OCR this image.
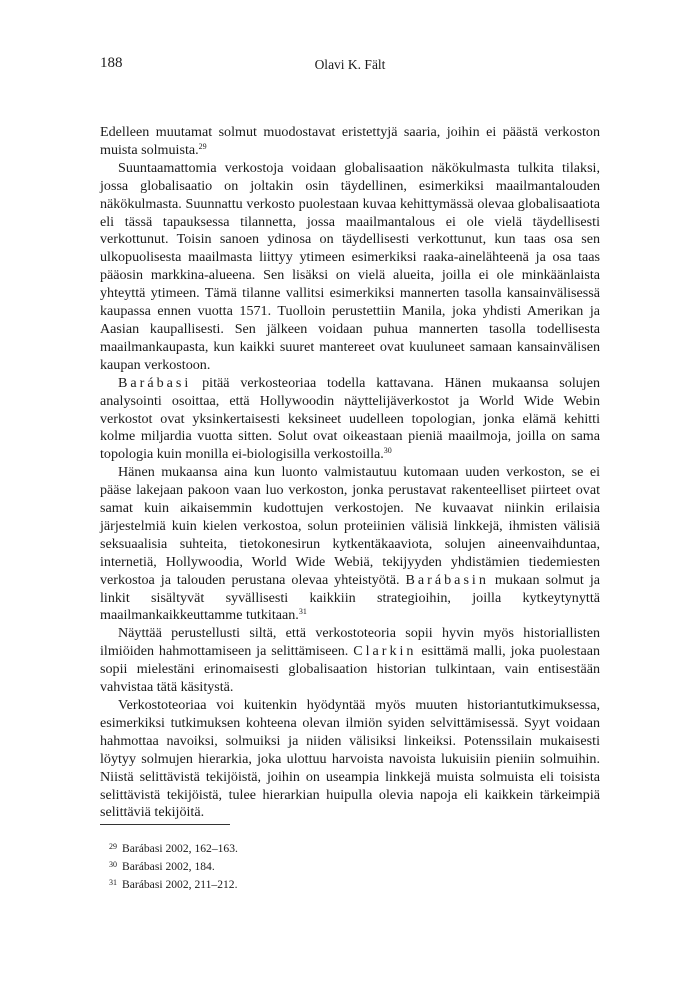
188	Olavi K. Fält

Edelleen muutamat solmut muodostavat eristettyjä saaria, joihin ei päästä verkoston muista solmuista.$^{29}$

Suuntaamattomia verkostoja voidaan globalisaation näkökulmasta tulkita tilaksi, jossa globalisaatio on joltakin osin täydellinen, esimerkiksi maailmantalouden näkökulmasta. Suunnattu verkosto puolestaan kuvaa kehittymässä olevaa globalisaatiota eli tässä tapauksessa tilannetta, jossa maailmantalous ei ole vielä täydellisesti verkottunut. Toisin sanoen ydinosa on täydellisesti verkottunut, kun taas osa sen ulkopuolisesta maailmasta liittyy ytimeen esimerkiksi raaka-ainelähteenä ja osa taas pääosin markkina-alueena. Sen lisäksi on vielä alueita, joilla ei ole minkäänlaista yhteyttä ytimeen. Tämä tilanne vallitsi esimerkiksi mannerten tasolla kansainvälisessä kaupassa ennen vuotta 1571. Tuolloin perustettiin Manila, joka yhdisti Amerikan ja Aasian kaupallisesti. Sen jälkeen voidaan puhua mannerten tasolla todellisesta maailmankaupasta, kun kaikki suuret mantereet ovat kuuluneet samaan kansainvälisen kaupan verkostoon.

Barábasi pitää verkosteoriaa todella kattavana. Hänen mukaansa solujen analysointi osoittaa, että Hollywoodin näyttelijäverkostot ja World Wide Webin verkostot ovat yksinkertaisesti keksineet uudelleen topologian, jonka elämä kehitti kolme miljardia vuotta sitten. Solut ovat oikeastaan pieniä maailmoja, joilla on sama topologia kuin monilla ei-biologisilla verkostoilla.$^{30}$

Hänen mukaansa aina kun luonto valmistautuu kutomaan uuden verkoston, se ei pääse lakejaan pakoon vaan luo verkoston, jonka perustavat rakenteelliset piirteet ovat samat kuin aikaisemmin kudottujen verkostojen. Ne kuvaavat niinkin erilaisia järjestelmiä kuin kielen verkostoa, solun proteiinien välisiä linkkejä, ihmisten välisiä seksuaalisia suhteita, tietokonesirun kytkentäkaaviota, solujen aineenvaihduntaa, internetiä, Hollywoodia, World Wide Webiä, tekijyyden yhdistämien tiedemiesten verkostoa ja talouden perustana olevaa yhteistyötä. Barábasin mukaan solmut ja linkit sisältyvät syvällisesti kaikkiin strategioihin, joilla kytkeytynyttä maailmankaikkeuttamme tutkitaan.$^{31}$

Näyttää perustellusti siltä, että verkostoteoria sopii hyvin myös historiallisten ilmiöiden hahmottamiseen ja selittämiseen. Clarkin esittämä malli, joka puolestaan sopii mielestäni erinomaisesti globalisaation historian tulkintaan, vain entisestään vahvistaa tätä käsitystä.

Verkostoteoriaa voi kuitenkin hyödyntää myös muuten historiantutkimuksessa, esimerkiksi tutkimuksen kohteena olevan ilmiön syiden selvittämisessä. Syyt voidaan hahmottaa navoiksi, solmuiksi ja niiden välisiksi linkeiksi. Potenssilain mukaisesti löytyy solmujen hierarkia, joka ulottuu harvoista navoista lukuisiin pieniin solmuihin. Niistä selittävistä tekijöistä, joihin on useampia linkkejä muista solmuista eli toisista selittävistä tekijöistä, tulee hierarkian huipulla olevia napoja eli kaikkein tärkeimpiä selittäviä tekijöitä.

$^{29}$ Barábasi 2002, 162–163.
$^{30}$ Barábasi 2002, 184.
$^{31}$ Barábasi 2002, 211–212.
